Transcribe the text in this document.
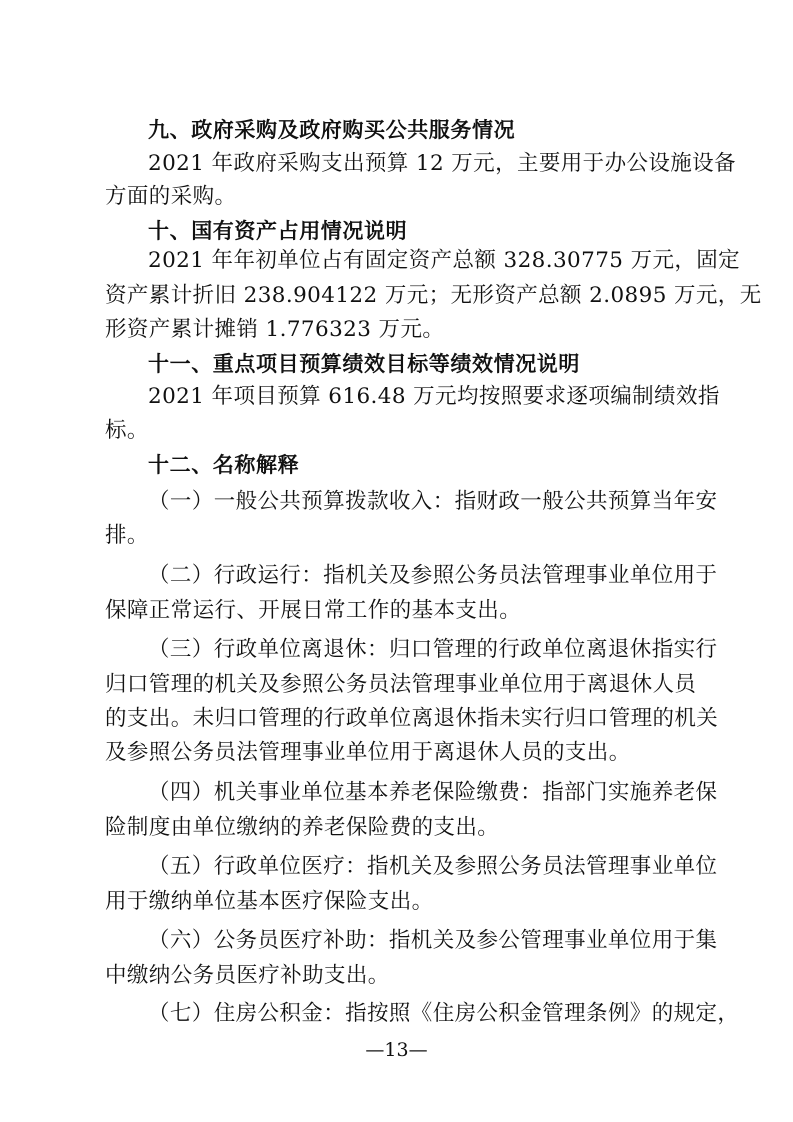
九、政府采购及政府购买公共服务情况
2021 年政府采购支出预算 12 万元，主要用于办公设施设备
方面的采购。
十、国有资产占用情况说明
2021 年年初单位占有固定资产总额 328.30775 万元，固定
资产累计折旧 238.904122 万元；无形资产总额 2.0895 万元，无
形资产累计摊销 1.776323 万元。
十一、重点项目预算绩效目标等绩效情况说明
2021 年项目预算 616.48 万元均按照要求逐项编制绩效指
标。
十二、名称解释
（一）一般公共预算拨款收入：指财政一般公共预算当年安
排。
（二）行政运行：指机关及参照公务员法管理事业单位用于
保障正常运行、开展日常工作的基本支出。
（三）行政单位离退休：归口管理的行政单位离退休指实行
归口管理的机关及参照公务员法管理事业单位用于离退休人员
的支出。未归口管理的行政单位离退休指未实行归口管理的机关
及参照公务员法管理事业单位用于离退休人员的支出。
（四）机关事业单位基本养老保险缴费：指部门实施养老保
险制度由单位缴纳的养老保险费的支出。
（五）行政单位医疗：指机关及参照公务员法管理事业单位
用于缴纳单位基本医疗保险支出。
（六）公务员医疗补助：指机关及参公管理事业单位用于集
中缴纳公务员医疗补助支出。
（七）住房公积金：指按照《住房公积金管理条例》的规定，
—13—
